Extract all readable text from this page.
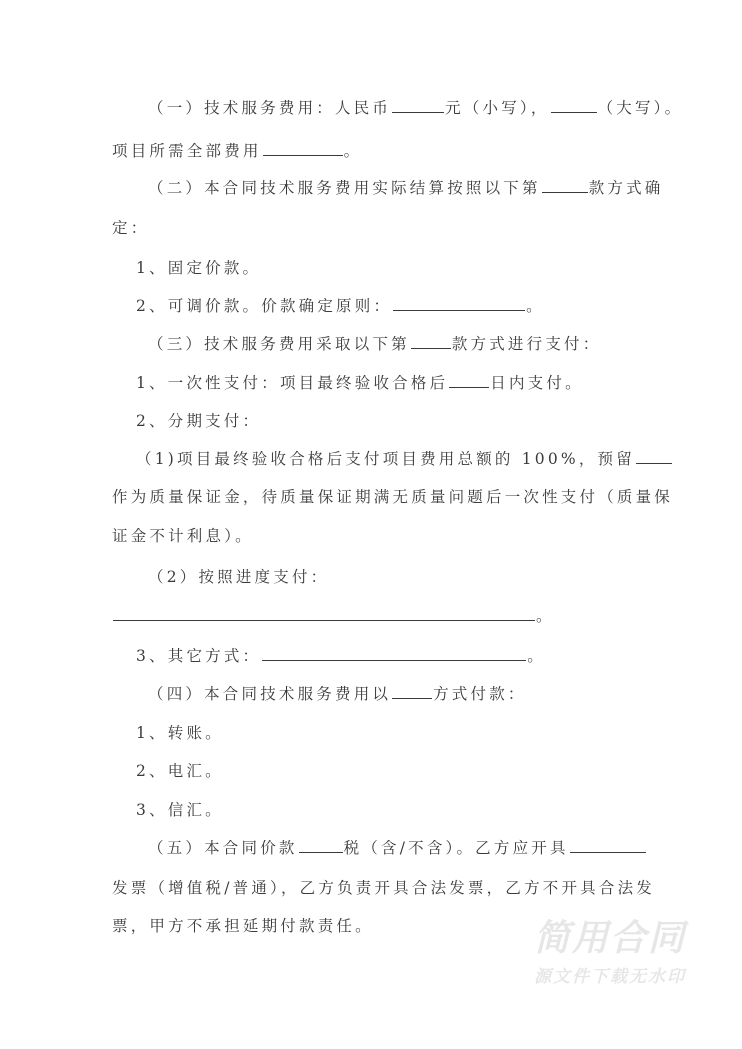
（一）技术服务费用：人民币	元（小写），	（大写）。
项目所需全部费用	。
（二）本合同技术服务费用实际结算按照以下第	款方式确
定：
1、固定价款。
2、可调价款。价款确定原则：	。
（三）技术服务费用采取以下第	款方式进行支付：
1、一次性支付：项目最终验收合格后	日内支付。
2、分期支付：
（1)项目最终验收合格后支付项目费用总额的 100%，预留
作为质量保证金，待质量保证期满无质量问题后一次性支付（质量保
证金不计利息）。
（2）按照进度支付：
。
3、其它方式：	。
（四）本合同技术服务费用以	方式付款：
1、转账。
2、电汇。
3、信汇。
（五）本合同价款	税（含/不含）。乙方应开具
发票（增值税/普通），乙方负责开具合法发票，乙方不开具合法发
票，甲方不承担延期付款责任。	简用合同
源文件下载无水印
